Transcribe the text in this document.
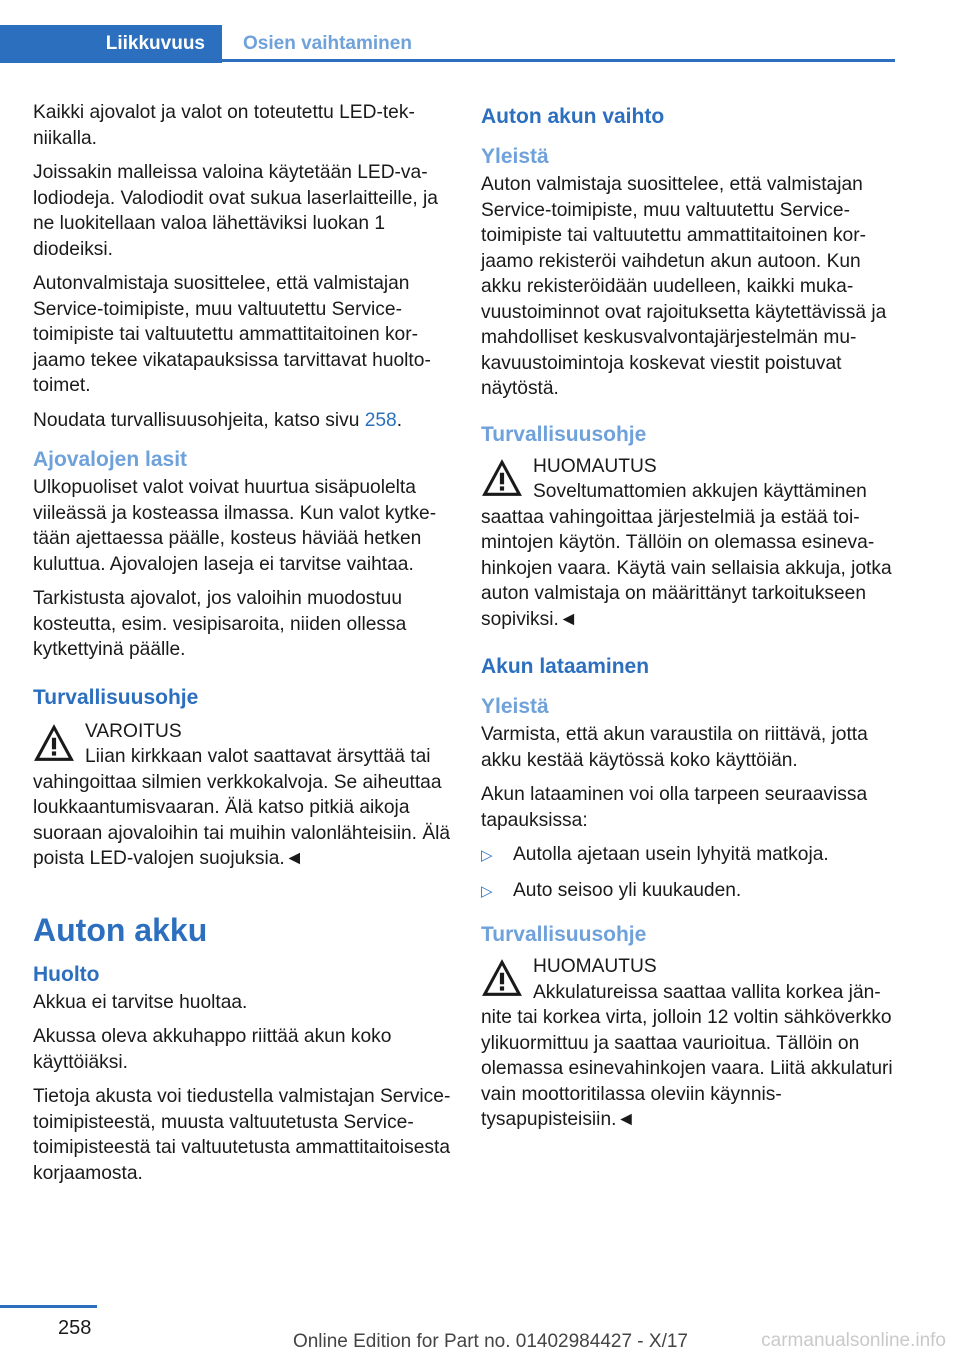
Liikkuvuus	Osien vaihtaminen

Kaikki ajovalot ja valot on toteutettu LED-tekniikalla.

Joissakin malleissa valoina käytetään LED-valodiodeja. Valodiodit ovat sukua laserlaitteille, ja ne luokitellaan valoa lähettäviksi luokan 1 diodeiksi.

Autonvalmistaja suosittelee, että valmistajan Service-toimipiste, muu valtuutettu Service-toimipiste tai valtuutettu ammattitaitoinen korjaamo tekee vikatapauksissa tarvittavat huoltotoimet.

Noudata turvallisuusohjeita, katso sivu 258.

Ajovalojen lasit

Ulkopuoliset valot voivat huurtua sisäpuolelta viileässä ja kosteassa ilmassa. Kun valot kytketään ajettaessa päälle, kosteus häviää hetken kuluttua. Ajovalojen laseja ei tarvitse vaihtaa.

Tarkistusta ajovalot, jos valoihin muodostuu kosteutta, esim. vesipisaroita, niiden ollessa kytkettyinä päälle.

Turvallisuusohje
VAROITUS
Liian kirkkaan valot saattavat ärsyttää tai vahingoittaa silmien verkkokalvoja. Se aiheuttaa loukkaantumisvaaran. Älä katso pitkiä aikoja suoraan ajovaloihin tai muihin valonlähteisiin. Älä poista LED-valojen suojuksia.◄
Auton akku
Huolto

Akkua ei tarvitse huoltaa.

Akussa oleva akkuhappo riittää akun koko käyttöiäksi.

Tietoja akusta voi tiedustella valmistajan Service-toimipisteestä, muusta valtuutetusta Service-toimipisteestä tai valtuutetusta ammattitaitoisesta korjaamosta.

Auton akun vaihto
Yleistä

Auton valmistaja suosittelee, että valmistajan Service-toimipiste, muu valtuutettu Service-toimipiste tai valtuutettu ammattitaitoinen korjaamo rekisteröi vaihdetun akun autoon. Kun akku rekisteröidään uudelleen, kaikki mukavuustoiminnot ovat rajoituksetta käytettävissä ja mahdolliset keskusvalvontajärjestelmän mukavuustoimintoja koskevat viestit poistuvat näytöstä.

Turvallisuusohje
HUOMAUTUS
Soveltumattomien akkujen käyttäminen saattaa vahingoittaa järjestelmiä ja estää toimintojen käytön. Tällöin on olemassa esinevahinkojen vaara. Käytä vain sellaisia akkuja, jotka auton valmistaja on määrittänyt tarkoitukseen sopiviksi.◄
Akun lataaminen
Yleistä

Varmista, että akun varaustila on riittävä, jotta akku kestää käytössä koko käyttöiän.

Akun lataaminen voi olla tarpeen seuraavissa tapauksissa:

▷	Autolla ajetaan usein lyhyitä matkoja.
▷	Auto seisoo yli kuukauden.
Turvallisuusohje
HUOMAUTUS
Akkulatureissa saattaa vallita korkea jännite tai korkea virta, jolloin 12 voltin sähköverkko ylikuormittuu ja saattaa vaurioitua. Tällöin on olemassa esinevahinkojen vaara. Liitä akkulaturi vain moottoritilassa oleviin käynnistysapupisteisiin.◄
258
Online Edition for Part no. 01402984427 - X/17	carmanualsonline.info
